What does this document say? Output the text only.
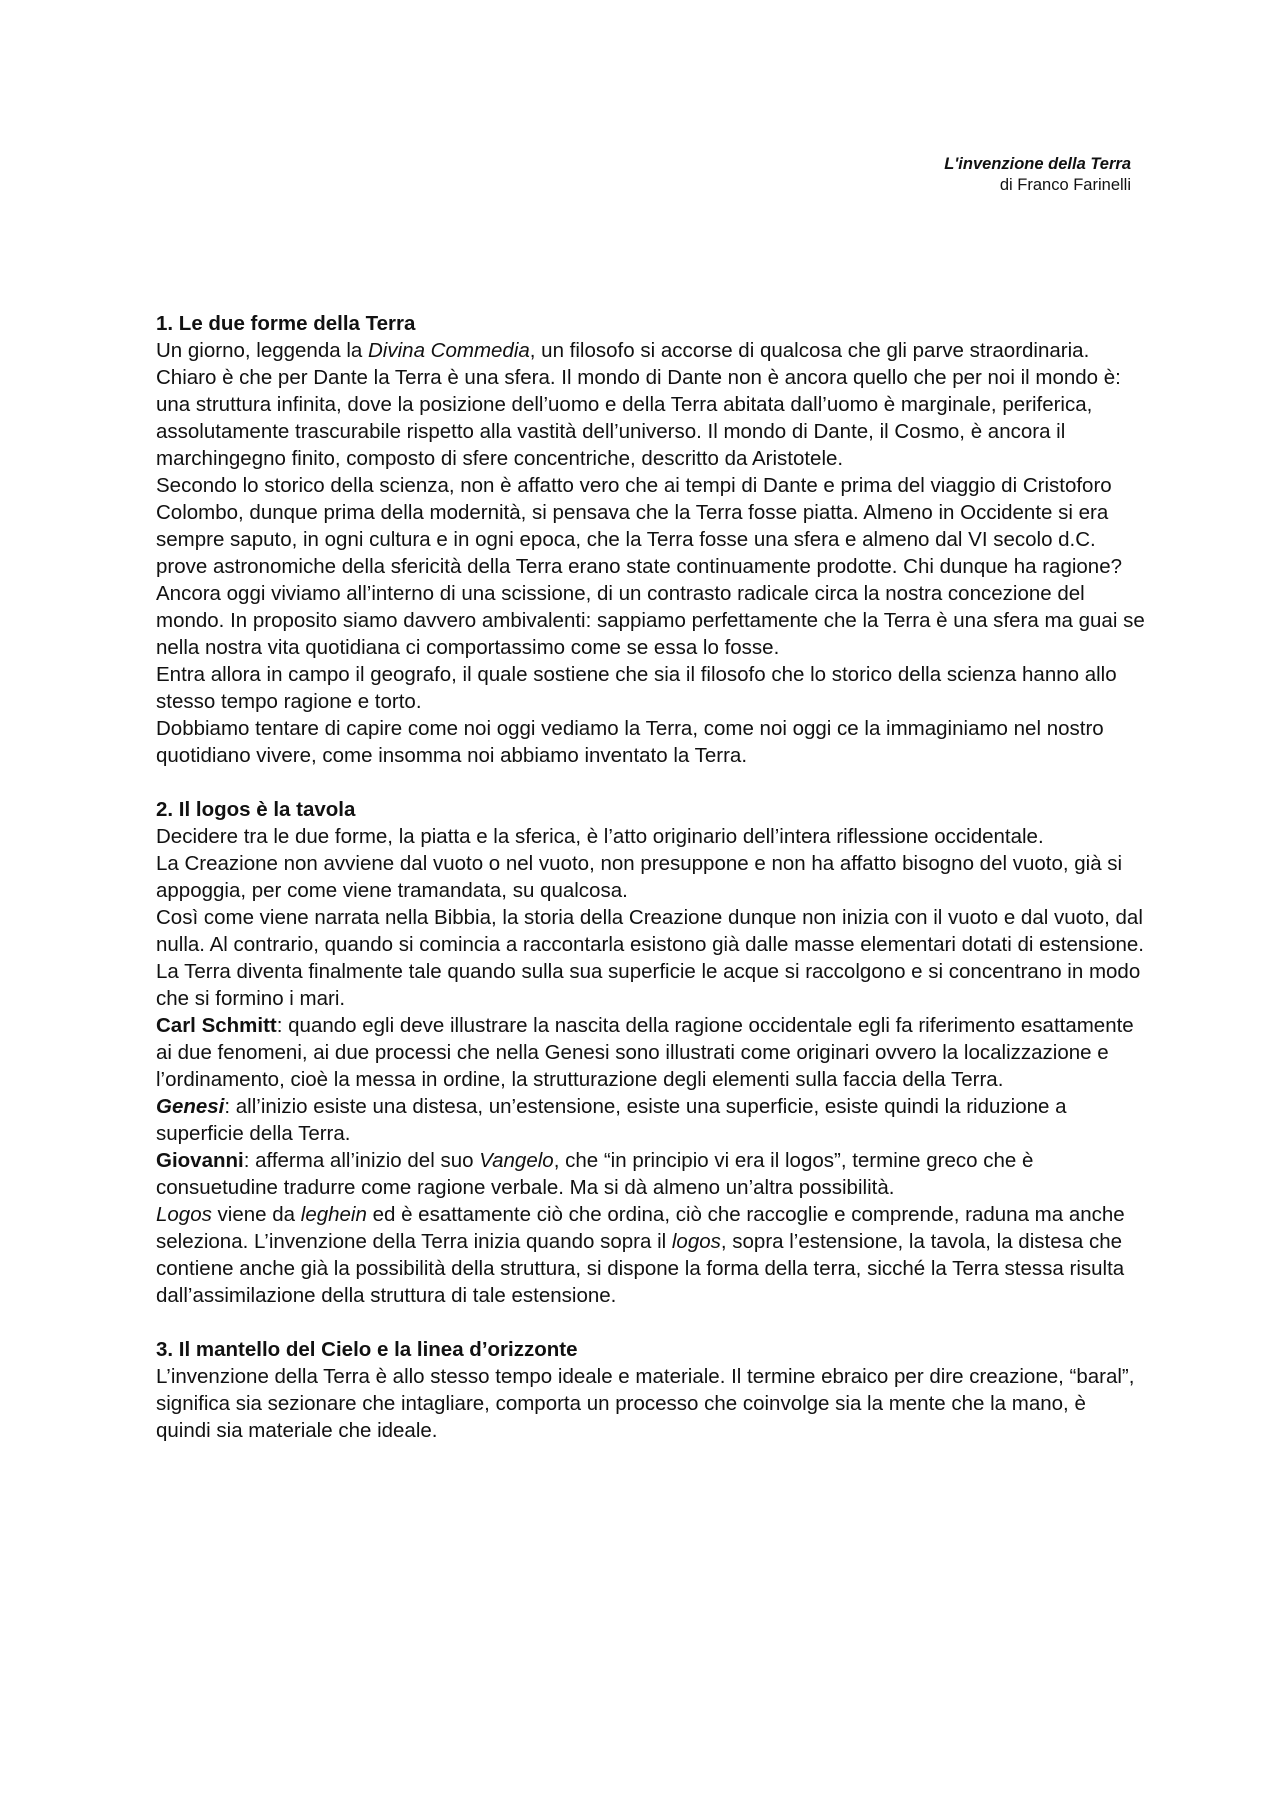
L'invenzione della Terra
di Franco Farinelli
1. Le due forme della Terra

Un giorno, leggenda la Divina Commedia, un filosofo si accorse di qualcosa che gli parve straordinaria. Chiaro è che per Dante la Terra è una sfera. Il mondo di Dante non è ancora quello che per noi il mondo è: una struttura infinita, dove la posizione dell’uomo e della Terra abitata dall’uomo è marginale, periferica, assolutamente trascurabile rispetto alla vastità dell’universo. Il mondo di Dante, il Cosmo, è ancora il marchingegno finito, composto di sfere concentriche, descritto da Aristotele.

Secondo lo storico della scienza, non è affatto vero che ai tempi di Dante e prima del viaggio di Cristoforo Colombo, dunque prima della modernità, si pensava che la Terra fosse piatta. Almeno in Occidente si era sempre saputo, in ogni cultura e in ogni epoca, che la Terra fosse una sfera e almeno dal VI secolo d.C. prove astronomiche della sfericità della Terra erano state continuamente prodotte. Chi dunque ha ragione?

Ancora oggi viviamo all’interno di una scissione, di un contrasto radicale circa la nostra concezione del mondo. In proposito siamo davvero ambivalenti: sappiamo perfettamente che la Terra è una sfera ma guai se nella nostra vita quotidiana ci comportassimo come se essa lo fosse.

Entra allora in campo il geografo, il quale sostiene che sia il filosofo che lo storico della scienza hanno allo stesso tempo ragione e torto.

Dobbiamo tentare di capire come noi oggi vediamo la Terra, come noi oggi ce la immaginiamo nel nostro quotidiano vivere, come insomma noi abbiamo inventato la Terra.

2. Il logos è la tavola

Decidere tra le due forme, la piatta e la sferica, è l’atto originario dell’intera riflessione occidentale.

La Creazione non avviene dal vuoto o nel vuoto, non presuppone e non ha affatto bisogno del vuoto, già si appoggia, per come viene tramandata, su qualcosa.

Così come viene narrata nella Bibbia, la storia della Creazione dunque non inizia con il vuoto e dal vuoto, dal nulla. Al contrario, quando si comincia a raccontarla esistono già dalle masse elementari dotati di estensione.

La Terra diventa finalmente tale quando sulla sua superficie le acque si raccolgono e si concentrano in modo che si formino i mari.

Carl Schmitt: quando egli deve illustrare la nascita della ragione occidentale egli fa riferimento esattamente ai due fenomeni, ai due processi che nella Genesi sono illustrati come originari ovvero la localizzazione e l’ordinamento, cioè la messa in ordine, la strutturazione degli elementi sulla faccia della Terra.

Genesi: all’inizio esiste una distesa, un’estensione, esiste una superficie, esiste quindi la riduzione a superficie della Terra.

Giovanni: afferma all’inizio del suo Vangelo, che “in principio vi era il logos”, termine greco che è consuetudine tradurre come ragione verbale. Ma si dà almeno un’altra possibilità.

Logos viene da leghein ed è esattamente ciò che ordina, ciò che raccoglie e comprende, raduna ma anche seleziona. L’invenzione della Terra inizia quando sopra il logos, sopra l’estensione, la tavola, la distesa che contiene anche già la possibilità della struttura, si dispone la forma della terra, sicché la Terra stessa risulta dall’assimilazione della struttura di tale estensione.

3. Il mantello del Cielo e la linea d’orizzonte

L’invenzione della Terra è allo stesso tempo ideale e materiale. Il termine ebraico per dire creazione, “baral”, significa sia sezionare che intagliare, comporta un processo che coinvolge sia la mente che la mano, è quindi sia materiale che ideale.
